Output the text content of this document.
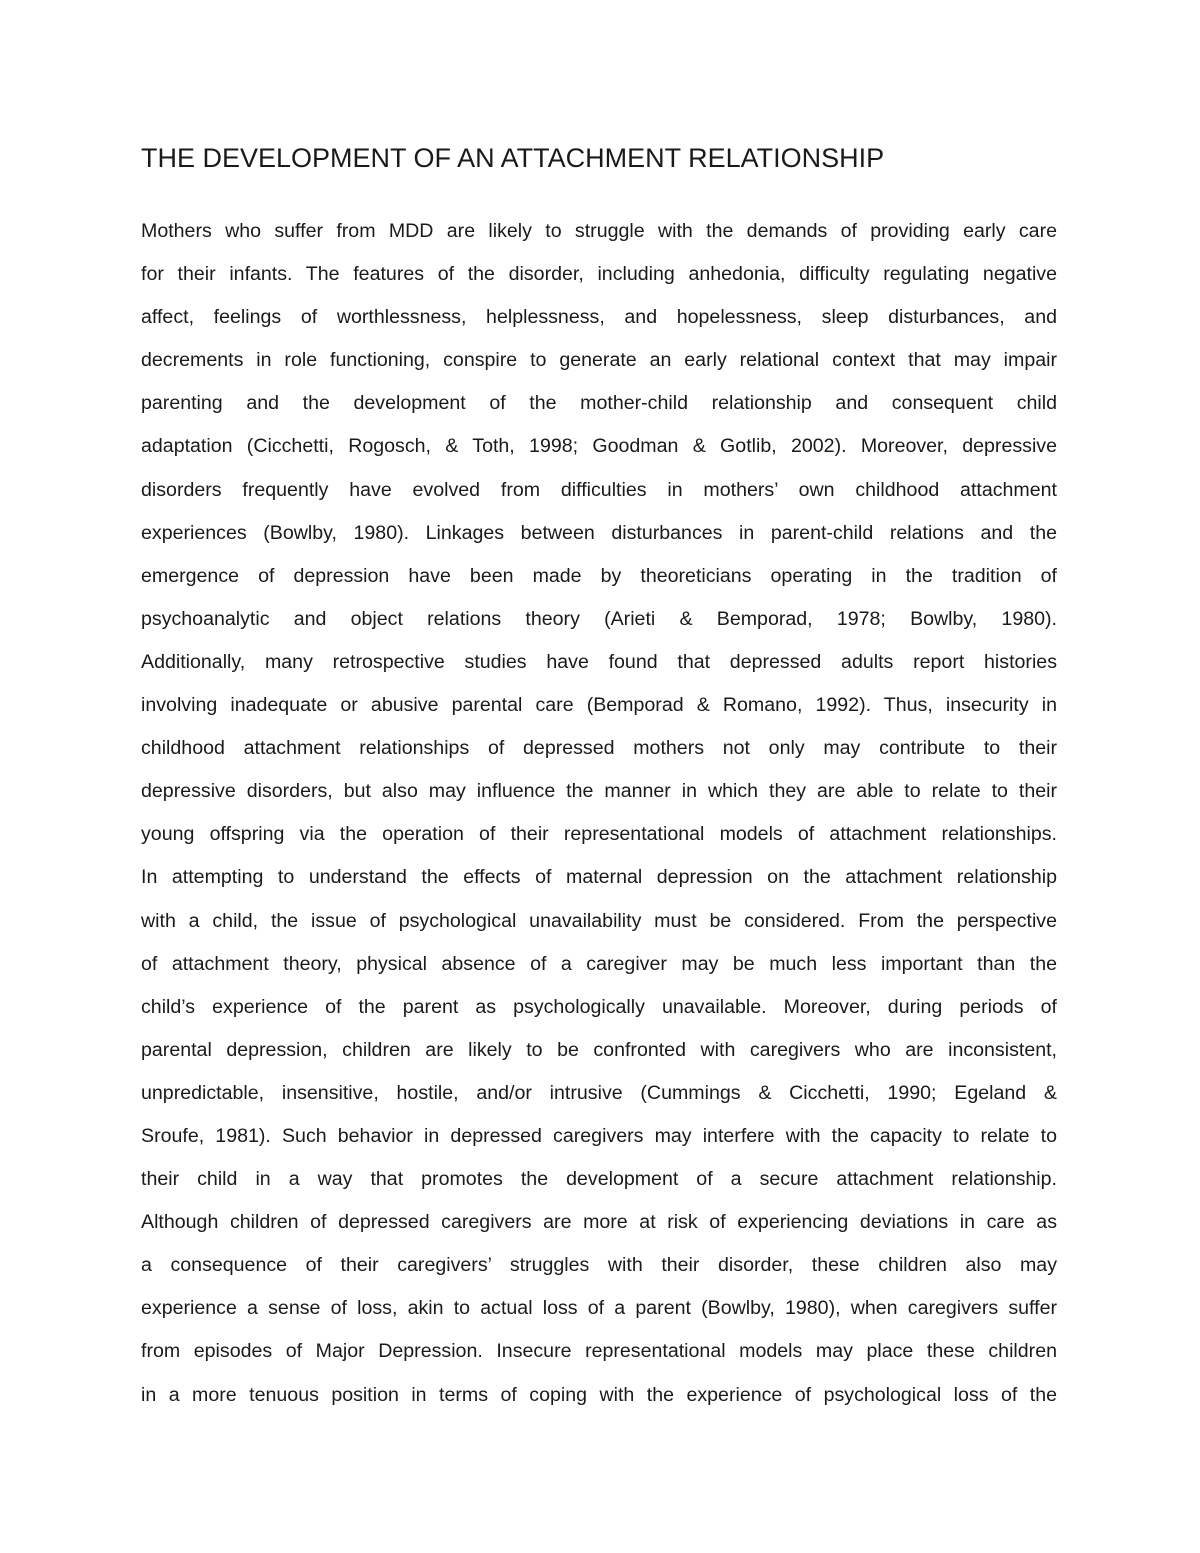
THE DEVELOPMENT OF AN ATTACHMENT RELATIONSHIP
Mothers who suffer from MDD are likely to struggle with the demands of providing early care
for their infants. The features of the disorder, including anhedonia, difficulty regulating negative
affect, feelings of worthlessness, helplessness, and hopelessness, sleep disturbances, and
decrements in role functioning, conspire to generate an early relational context that may impair
parenting and the development of the mother-child relationship and consequent child
adaptation (Cicchetti, Rogosch, & Toth, 1998; Goodman & Gotlib, 2002). Moreover, depressive
disorders frequently have evolved from difficulties in mothers’ own childhood attachment
experiences (Bowlby, 1980). Linkages between disturbances in parent-child relations and the
emergence of depression have been made by theoreticians operating in the tradition of
psychoanalytic and object relations theory (Arieti & Bemporad, 1978; Bowlby, 1980).
Additionally, many retrospective studies have found that depressed adults report histories
involving inadequate or abusive parental care (Bemporad & Romano, 1992). Thus, insecurity in
childhood attachment relationships of depressed mothers not only may contribute to their
depressive disorders, but also may influence the manner in which they are able to relate to their
young offspring via the operation of their representational models of attachment relationships.
In attempting to understand the effects of maternal depression on the attachment relationship
with a child, the issue of psychological unavailability must be considered. From the perspective
of attachment theory, physical absence of a caregiver may be much less important than the
child’s experience of the parent as psychologically unavailable. Moreover, during periods of
parental depression, children are likely to be confronted with caregivers who are inconsistent,
unpredictable, insensitive, hostile, and/or intrusive (Cummings & Cicchetti, 1990; Egeland &
Sroufe, 1981). Such behavior in depressed caregivers may interfere with the capacity to relate to
their child in a way that promotes the development of a secure attachment relationship.
Although children of depressed caregivers are more at risk of experiencing deviations in care as
a consequence of their caregivers’ struggles with their disorder, these children also may
experience a sense of loss, akin to actual loss of a parent (Bowlby, 1980), when caregivers suffer
from episodes of Major Depression. Insecure representational models may place these children
in a more tenuous position in terms of coping with the experience of psychological loss of the
